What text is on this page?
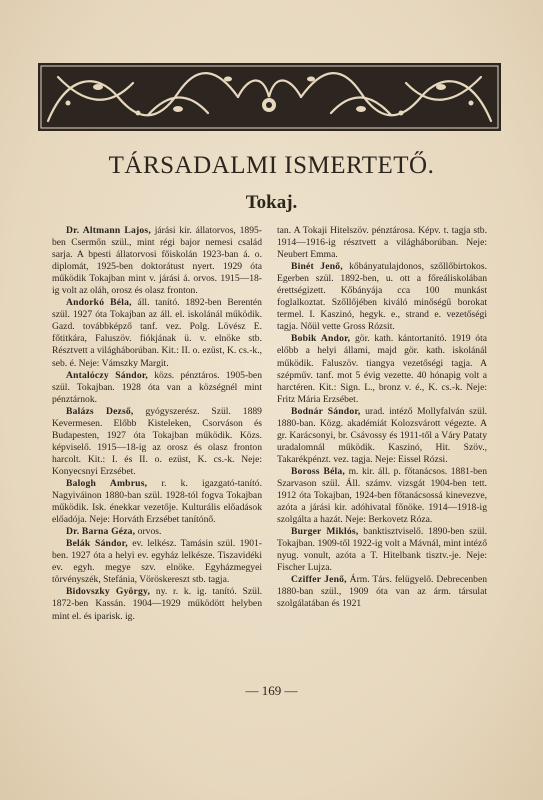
TÁRSADALMI ISMERTETŐ.
Tokaj.

Dr. Altmann Lajos, járási kir. állatorvos, 1895-ben Csermőn szül., mint régi bajor nemesi család sarja. A bpesti állatorvosi főiskolán 1923-ban á. o. diplomát, 1925-ben doktorátust nyert. 1929 óta működik Tokajban mint v. járási á. orvos. 1915—18-ig volt az oláh, orosz és olasz fronton.

Andorkó Béla, áll. tanító. 1892-ben Berentén szül. 1927 óta Tokajban az áll. el. iskolánál működik. Gazd. továbbképző tanf. vez. Polg. Lövész E. főtitkára, Faluszöv. fiókjának ü. v. elnöke stb. Résztvett a világháborúban. Kit.: II. o. ezüst, K. cs.-k., seb. é. Neje: Vámszky Margit.

Antalóczy Sándor, közs. pénztáros. 1905-ben szül. Tokajban. 1928 óta van a községnél mint pénztárnok.

Balázs Dezső, gyógyszerész. Szül. 1889 Kevermesen. Előbb Kisteleken, Csorváson és Budapesten, 1927 óta Tokajban működik. Közs. képviselő. 1915—18-ig az orosz és olasz fronton harcolt. Kit.: I. és II. o. ezüst, K. cs.-k. Neje: Konyecsnyi Erzsébet.

Balogh Ambrus, r. k. igazgató-tanító. Nagyiváinon 1880-ban szül. 1928-tól fogva Tokajban működik. Isk. énekkar vezetője. Kulturális előadások előadója. Neje: Horváth Erzsébet tanítónő.

Dr. Barna Géza, orvos.

Belák Sándor, ev. lelkész. Tamásin szül. 1901-ben. 1927 óta a helyi ev. egyház lelkésze. Tiszavidéki ev. egyh. megye szv. elnöke. Egyházmegyei törvényszék, Stefánia, Vöröskereszt stb. tagja.

Bidovszky György, ny. r. k. ig. tanító. Szül. 1872-ben Kassán. 1904—1929 működött helyben mint el. és iparisk. ig.

tan. A Tokaji Hitelszöv. pénztárosa. Képv. t. tagja stb. 1914—1916-ig résztvett a világháborúban. Neje: Neubert Emma.

Binét Jenő, kőbányatulajdonos, szőllőbirtokos. Egerben szül. 1892-ben, u. ott a főreáliskolában érettségizett. Kőbányája cca 100 munkást foglalkoztat. Szőllőjében kiváló minőségű borokat termel. I. Kaszinó, hegyk. e., strand e. vezetőségi tagja. Nőül vette Gross Rózsit.

Bobik Andor, gör. kath. kántortanító. 1919 óta előbb a helyi állami, majd gör. kath. iskolánál működik. Faluszöv. tiangya vezetőségi tagja. A szépműv. tanf. mot 5 évig vezette. 40 hónapig volt a harctéren. Kit.: Sign. L., bronz v. é., K. cs.-k. Neje: Fritz Mária Erzsébet.

Bodnár Sándor, urad. intéző Mollyfalván szül. 1880-ban. Közg. akadémiát Kolozsvárott végezte. A gr. Karácsonyi, br. Csávossy és 1911-től a Váry Pataty uradalomnál működik. Kaszinó, Hit. Szöv., Takarékpénzt. vez. tagja. Neje: Eissel Rózsi.

Boross Béla, m. kir. áll. p. főtanácsos. 1881-ben Szarvason szül. Áll. számv. vizsgát 1904-ben tett. 1912 óta Tokajban, 1924-ben főtanácsossá kinevezve, azóta a járási kir. adóhivatal főnöke. 1914—1918-ig szolgálta a hazát. Neje: Berkovetz Róza.

Burger Miklós, banktisztviselő. 1890-ben szül. Tokajban. 1909-től 1922-ig volt a Mávnál, mint intéző nyug. vonult, azóta a T. Hitelbank tisztv.-je. Neje: Fischer Lujza.

Cziffer Jenő, Árm. Társ. felügyelő. Debrecenben 1880-ban szül., 1909 óta van az árm. társulat szolgálatában és 1921

— 169 —
